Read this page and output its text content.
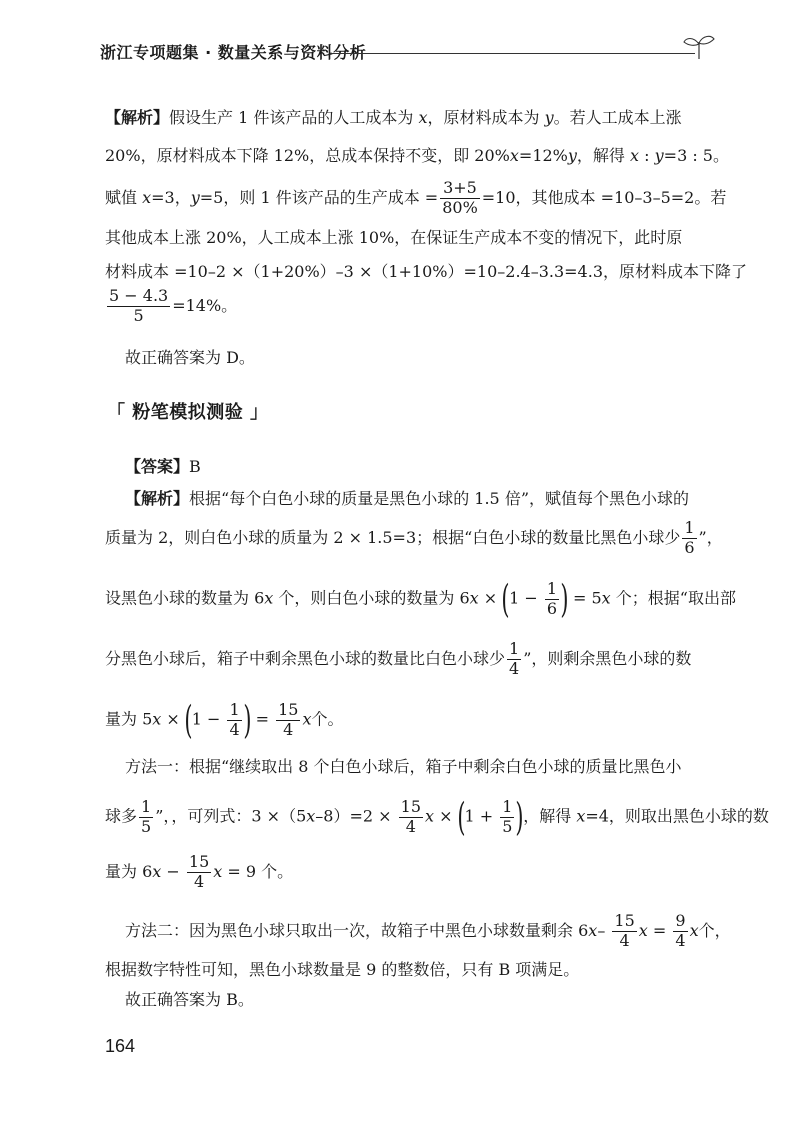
浙江专项题集 · 数量关系与资料分析
【解析】假设生产 1 件该产品的人工成本为 x，原材料成本为 y。若人工成本上涨
20%，原材料成本下降 12%，总成本保持不变，即 20%x=12%y，解得 x : y=3 : 5。
赋值 x=3，y=5，则 1 件该产品的生产成本 = $\frac{3+5}{80\%} =10$，其他成本 =10–3–5=2。若
其他成本上涨 20%，人工成本上涨 10%，在保证生产成本不变的情况下，此时原
材料成本 =10–2 ×（1+20%）–3 ×（1+10%）=10–2.4–3.3=4.3，原材料成本下降了
$\frac{5 - 4.3}{5} =14\%$。
故正确答案为 D。
「 粉笔模拟测验 」
【答案】B
【解析】根据“每个白色小球的质量是黑色小球的 1.5 倍”，赋值每个黑色小球的
质量为 2，则白色小球的质量为 2 × 1.5=3；根据“白色小球的数量比黑色小球少 $\frac{1}{6}$ ”，
设黑色小球的数量为 6x 个，则白色小球的数量为 $6x \times (1 - \frac{1}{6}$ ) = 5x 个；根据“取出部
分黑色小球后，箱子中剩余黑色小球的数量比白色小球少 $\frac{1}{4}$ ”，则剩余黑色小球的数
量为 $5x \times (1 - \frac{1}{4}$ ) = $\frac{15}{4}$ x个。
方法一：根据“继续取出 8 个白色小球后，箱子中剩余白色小球的质量比黑色小
球多 $\frac{1}{5}$ ”，，可列式：$3 \times(5x-8)=2 \times \frac{15}{4}$ $x \times (1 + \frac{1}{5}$ )，解得 x=4，则取出黑色小球的数
量为 $6x - \frac{15}{4}$ x = 9 个。
方法二：因为黑色小球只取出一次，故箱子中黑色小球数量剩余 $6x- \frac{15}{4}$ $x = \frac{9}{4}$ x个，
根据数字特性可知，黑色小球数量是 9 的整数倍，只有 B 项满足。
故正确答案为 B。
164
